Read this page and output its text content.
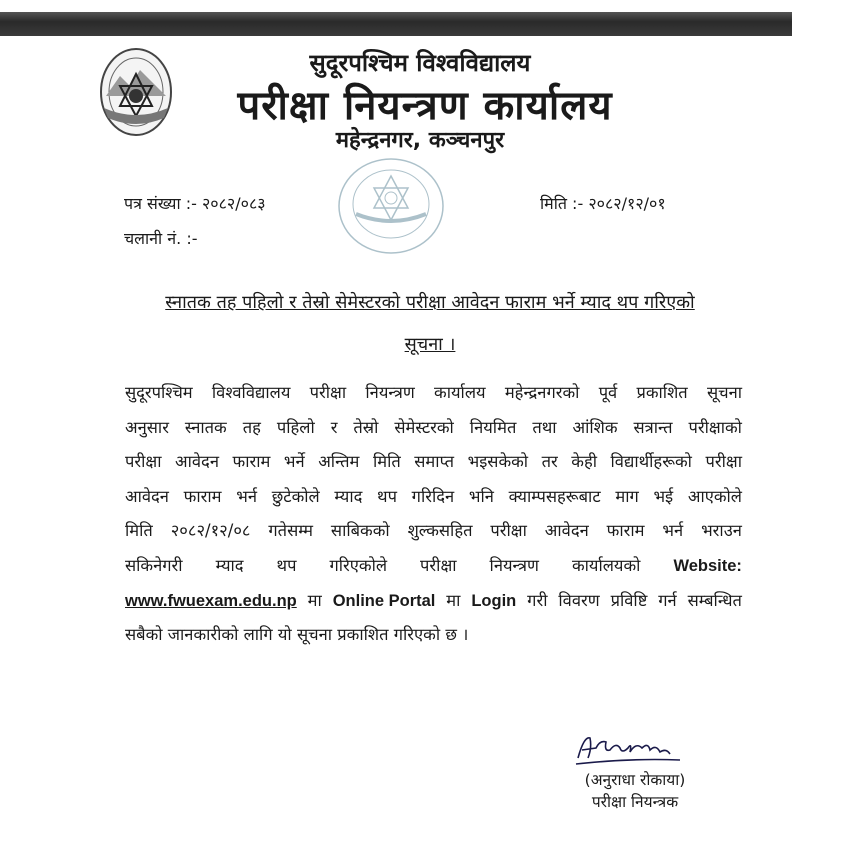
सुदूरपश्चिम विश्वविद्यालय
परीक्षा नियन्त्रण कार्यालय
महेन्द्रनगर, कञ्चनपुर
पत्र संख्या :- २०८२/०८३
चलानी नं. :-
मिति :- २०८२/१२/०१
स्नातक तह पहिलो र तेस्रो सेमेस्टरको परीक्षा आवेदन फाराम भर्ने म्याद थप गरिएको
सूचना ।
सुदूरपश्चिम विश्वविद्यालय परीक्षा नियन्त्रण कार्यालय महेन्द्रनगरको पूर्व प्रकाशित सूचना
अनुसार स्नातक तह पहिलो र तेस्रो सेमेस्टरको नियमित तथा आंशिक सत्रान्त परीक्षाको
परीक्षा आवेदन फाराम भर्ने अन्तिम मिति समाप्त भइसकेको तर केही विद्यार्थीहरूको परीक्षा
आवेदन फाराम भर्न छुटेकोले म्याद थप गरिदिन भनि क्याम्पसहरूबाट माग भई आएकोले
मिति २०८२/१२/०८ गतेसम्म साबिकको शुल्कसहित परीक्षा आवेदन फाराम भर्न भराउन
सकिनेगरी म्याद थप गरिएकोले परीक्षा नियन्त्रण कार्यालयको Website:
www.fwuexam.edu.np मा Online Portal मा Login गरी विवरण प्रविष्टि गर्न सम्बन्धित
सबैको जानकारीको लागि यो सूचना प्रकाशित गरिएको छ ।
(अनुराधा रोकाया)
परीक्षा नियन्त्रक
